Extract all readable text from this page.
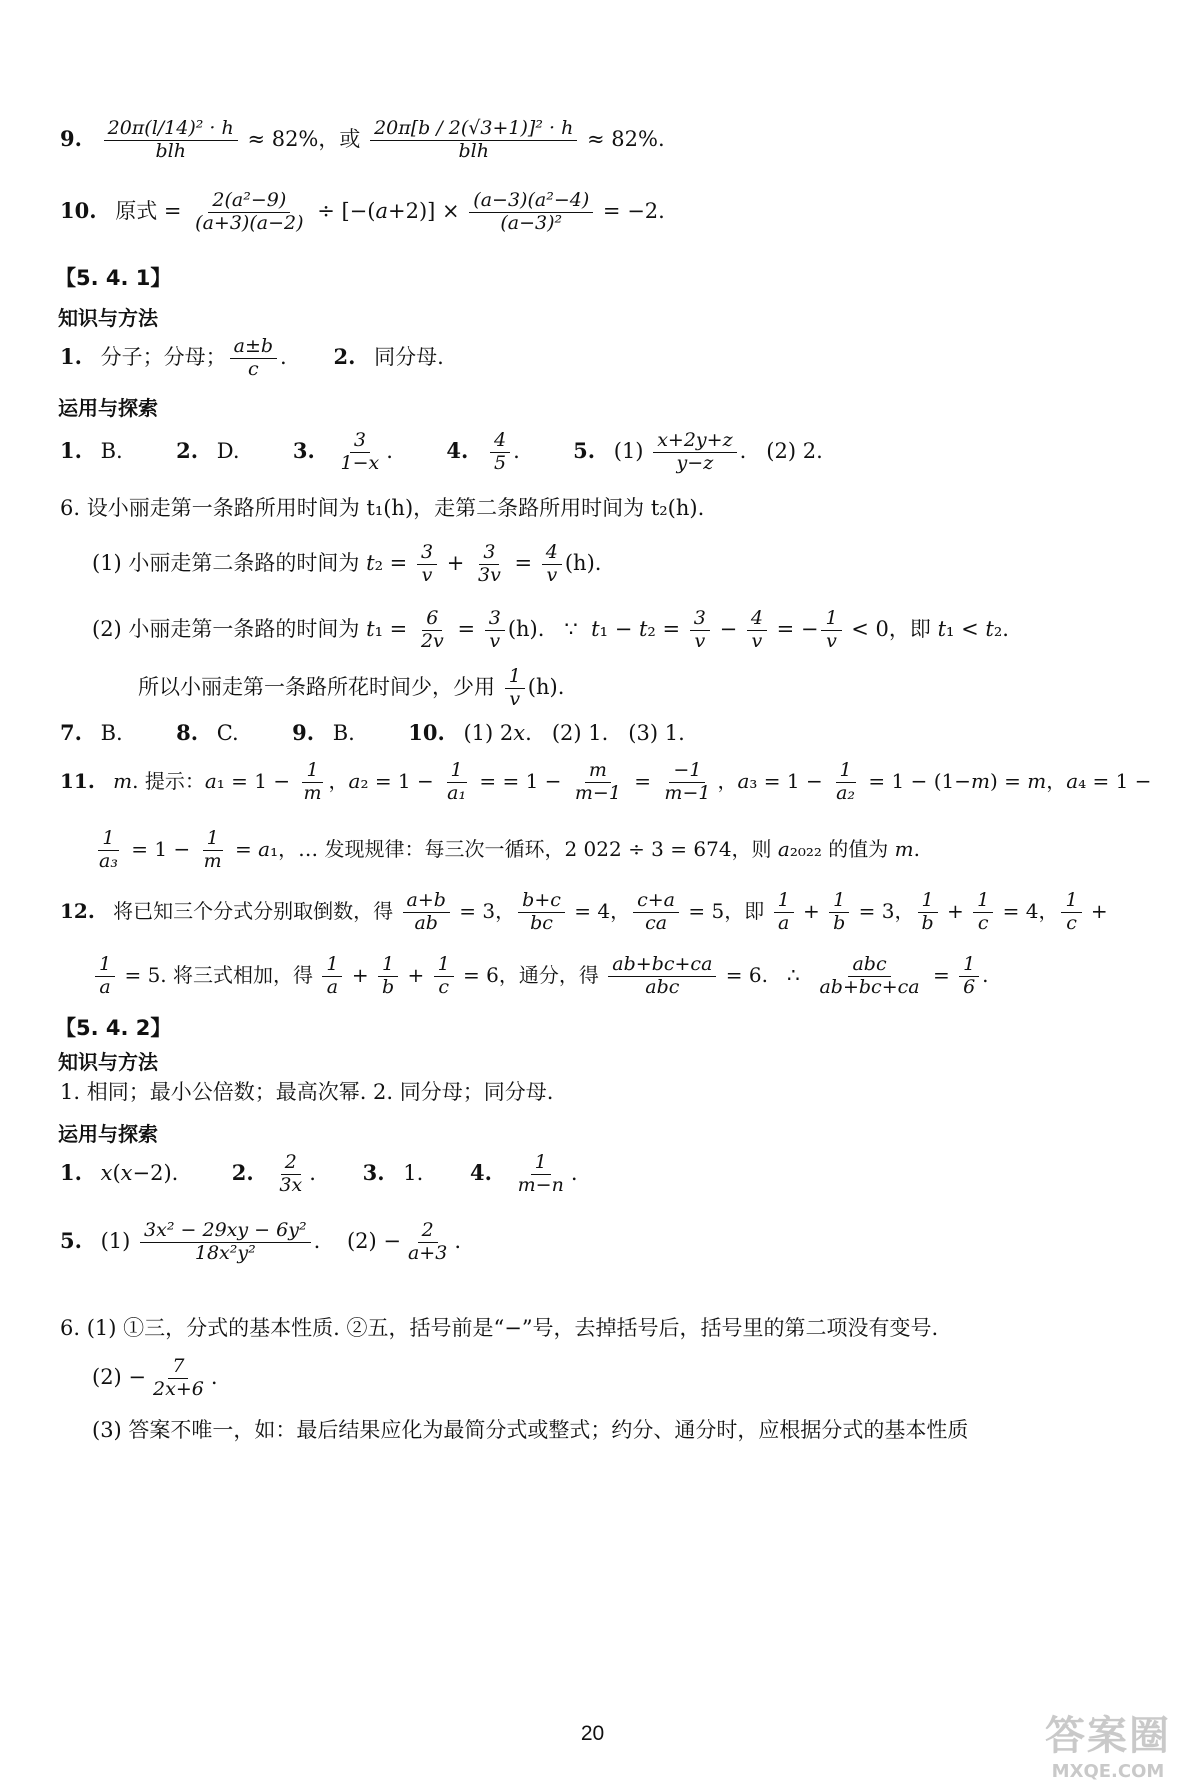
9. $\frac{\text{20π(l/14)² · h}}{\text{blh}} \approx 82\%$，或 $\frac{\text{20π[b / 2(√3+1)]² · h}}{\text{blh}} \approx 82\%$.
10. 原式 = $\frac{\text{2(a²−9)}}{(a+3)(a-2)} \div [-(a+2)] \times \frac{\text{(a−3)(a²−4)}}{\text{(a−3)²}} = -2$.
【5. 4. 1】
知识与方法
1. 分子；分母； $\frac{a\pm b}{c}$ .       2. 同分母.
运用与探索
1. B.        2. D.        3. $\frac{3}{1-x}$ .        4. $\frac{4}{5}$ .        5. $(1) \frac{x+2y+z}{y-z}$ .   (2) 2.
6. 设小丽走第一条路所用时间为 t₁(h)，走第二条路所用时间为 t₂(h).
(1) 小丽走第二条路的时间为 $t_2 = \frac{3}{v} + \frac{3}{3v} = \frac{4}{v} (h)$.
(2) 小丽走第一条路的时间为 $t_1 = \frac{6}{2v} = \frac{3}{v} (h)$.   ∵  $t_1 - t_2 = \frac{3}{v} - \frac{4}{v}$ = − $\frac{1}{v} < 0$，即 t₁ < t₂.
所以小丽走第一条路所花时间少，少用 $\frac{1}{v} (h)$.
7. B.        8. C.        9. B.        10. (1) 2x.   (2) 1.   (3) 1.
11. m. 提示：$a_1 = 1 - \frac{1}{m}$ ，$a_2 = 1 - \frac{1}{\text{a₁}}$ = = $1 - \frac{m}{m-1} = \frac{-1}{m-1}$ ，$a_3 = 1 - \frac{1}{\text{a₂}} = 1 - (1-m) = m$，a₄ = 1 −
$\frac{1}{\text{a₃}} = 1 - \frac{1}{m} = a_1$，… 发现规律：每三次一循环，2 022 ÷ 3 = 674，则 a₂₀₂₂ 的值为 m.
12. 将已知三个分式分别取倒数，得 $\frac{a+b}{ab} = 3$， $\frac{b+c}{bc} = 4$， $\frac{c+a}{ca} = 5$，即 $\frac{1}{a} + \frac{1}{b} = 3$， $\frac{1}{b} + \frac{1}{c} = 4$， $\frac{1}{c}$ +
$\frac{1}{a} = 5$. 将三式相加，得 $\frac{1}{a} + \frac{1}{b} + \frac{1}{c} = 6$，通分，得 $\frac{ab+bc+ca}{\text{abc}} = 6$.   ∴ $\frac{\text{abc}}{ab+bc+ca} = \frac{1}{6}$ .
【5. 4. 2】
知识与方法
1. 相同；最小公倍数；最高次幂. 2. 同分母；同分母.
运用与探索
1. x(x−2).        2. $\frac{2}{3x}$ .       3. 1.       4. $\frac{1}{m-n}$ .
5. $(1) \frac{\text{3x² − 29xy − 6y²}}{\text{18x²y²}}$ .    $(2) - \frac{2}{a+3}$ .
6. (1) ①三，分式的基本性质. ②五，括号前是“−”号，去掉括号后，括号里的第二项没有变号.
$(2) - \frac{7}{2x+6}$ .
(3) 答案不唯一，如：最后结果应化为最简分式或整式；约分、通分时，应根据分式的基本性质
20	答案圈
MXQE.COM
